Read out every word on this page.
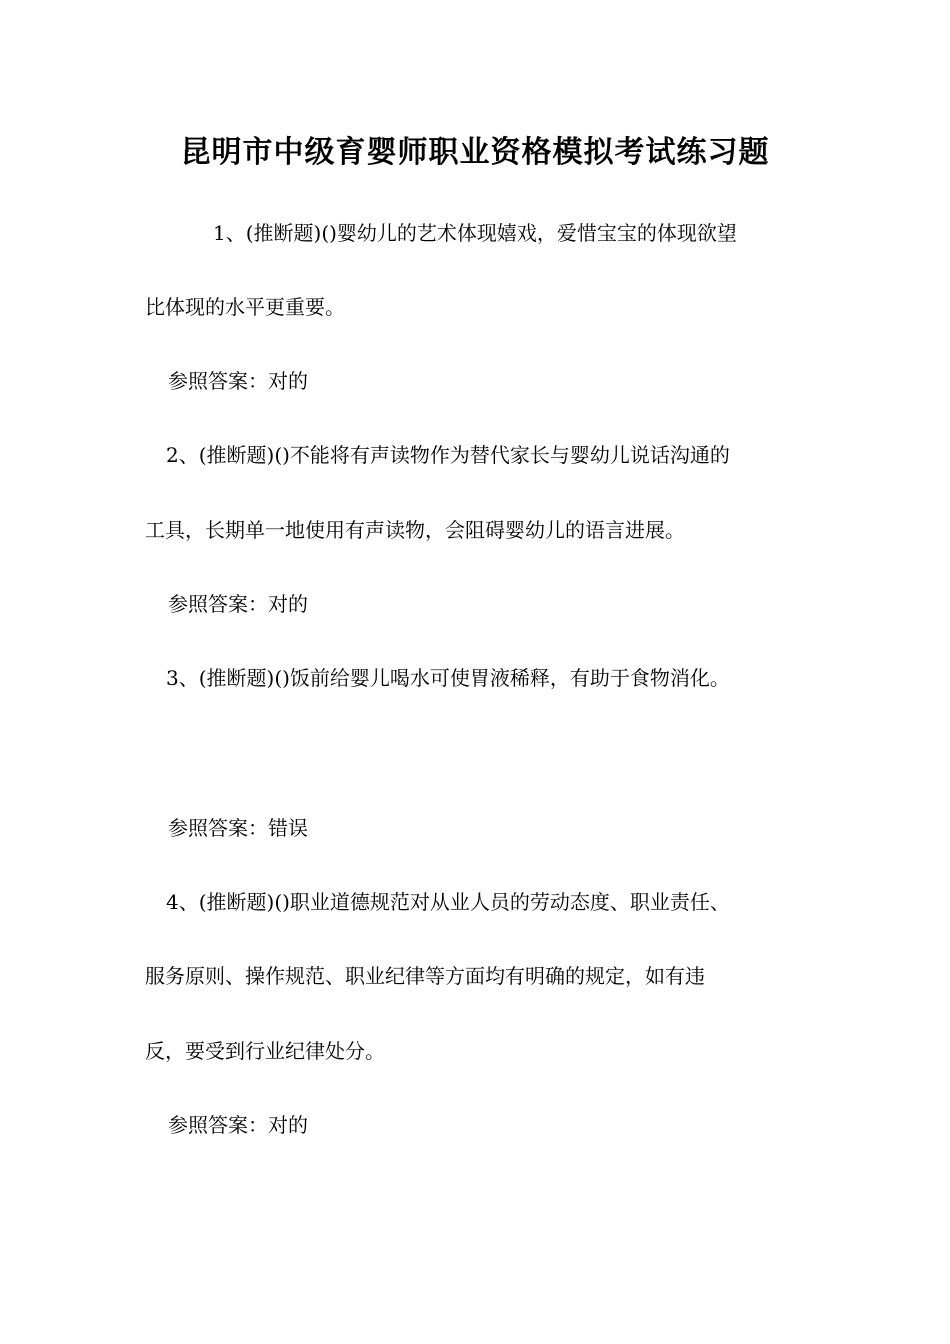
昆明市中级育婴师职业资格模拟考试练习题

1、(推断题)()婴幼儿的艺术体现嬉戏，爱惜宝宝的体现欲望

比体现的水平更重要。

参照答案：对的

2、(推断题)()不能将有声读物作为替代家长与婴幼儿说话沟通的

工具，长期单一地使用有声读物，会阻碍婴幼儿的语言进展。

参照答案：对的

3、(推断题)()饭前给婴儿喝水可使胃液稀释，有助于食物消化。

参照答案：错误

4、(推断题)()职业道德规范对从业人员的劳动态度、职业责任、

服务原则、操作规范、职业纪律等方面均有明确的规定，如有违

反，要受到行业纪律处分。

参照答案：对的
